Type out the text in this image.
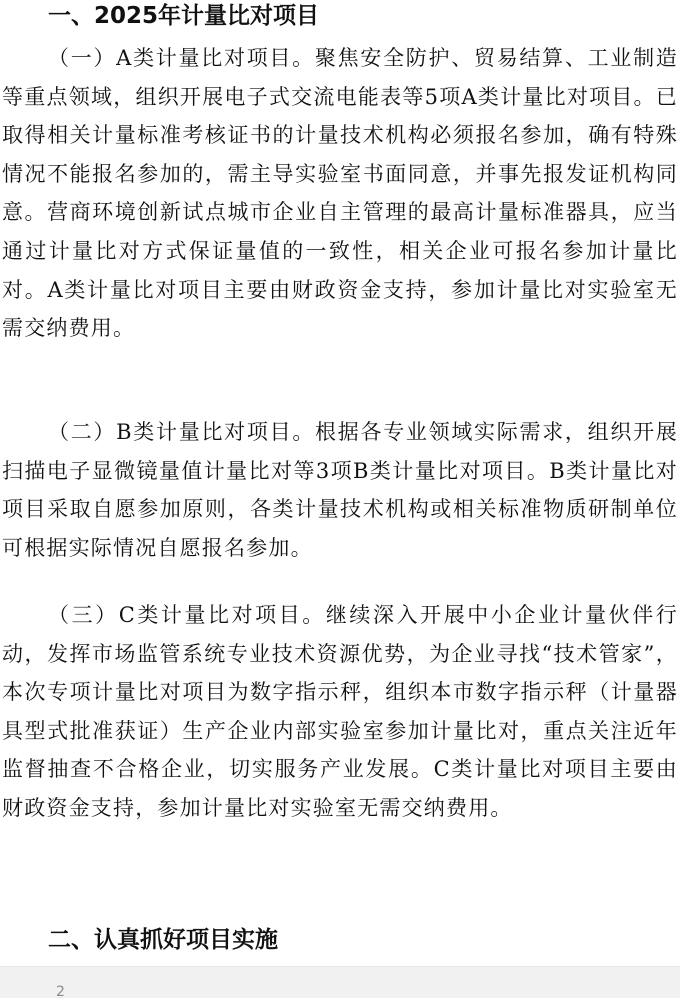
一、2025年计量比对项目

（一）A类计量比对项目。聚焦安全防护、贸易结算、工业制造等重点领域，组织开展电子式交流电能表等5项A类计量比对项目。已取得相关计量标准考核证书的计量技术机构必须报名参加，确有特殊情况不能报名参加的，需主导实验室书面同意，并事先报发证机构同意。营商环境创新试点城市企业自主管理的最高计量标准器具，应当通过计量比对方式保证量值的一致性，相关企业可报名参加计量比对。A类计量比对项目主要由财政资金支持，参加计量比对实验室无需交纳费用。

（二）B类计量比对项目。根据各专业领域实际需求，组织开展扫描电子显微镜量值计量比对等3项B类计量比对项目。B类计量比对项目采取自愿参加原则，各类计量技术机构或相关标准物质研制单位可根据实际情况自愿报名参加。

（三）C类计量比对项目。继续深入开展中小企业计量伙伴行动，发挥市场监管系统专业技术资源优势，为企业寻找“技术管家”，本次专项计量比对项目为数字指示秤，组织本市数字指示秤（计量器具型式批准获证）生产企业内部实验室参加计量比对，重点关注近年监督抽查不合格企业，切实服务产业发展。C类计量比对项目主要由财政资金支持，参加计量比对实验室无需交纳费用。

二、认真抓好项目实施
2
